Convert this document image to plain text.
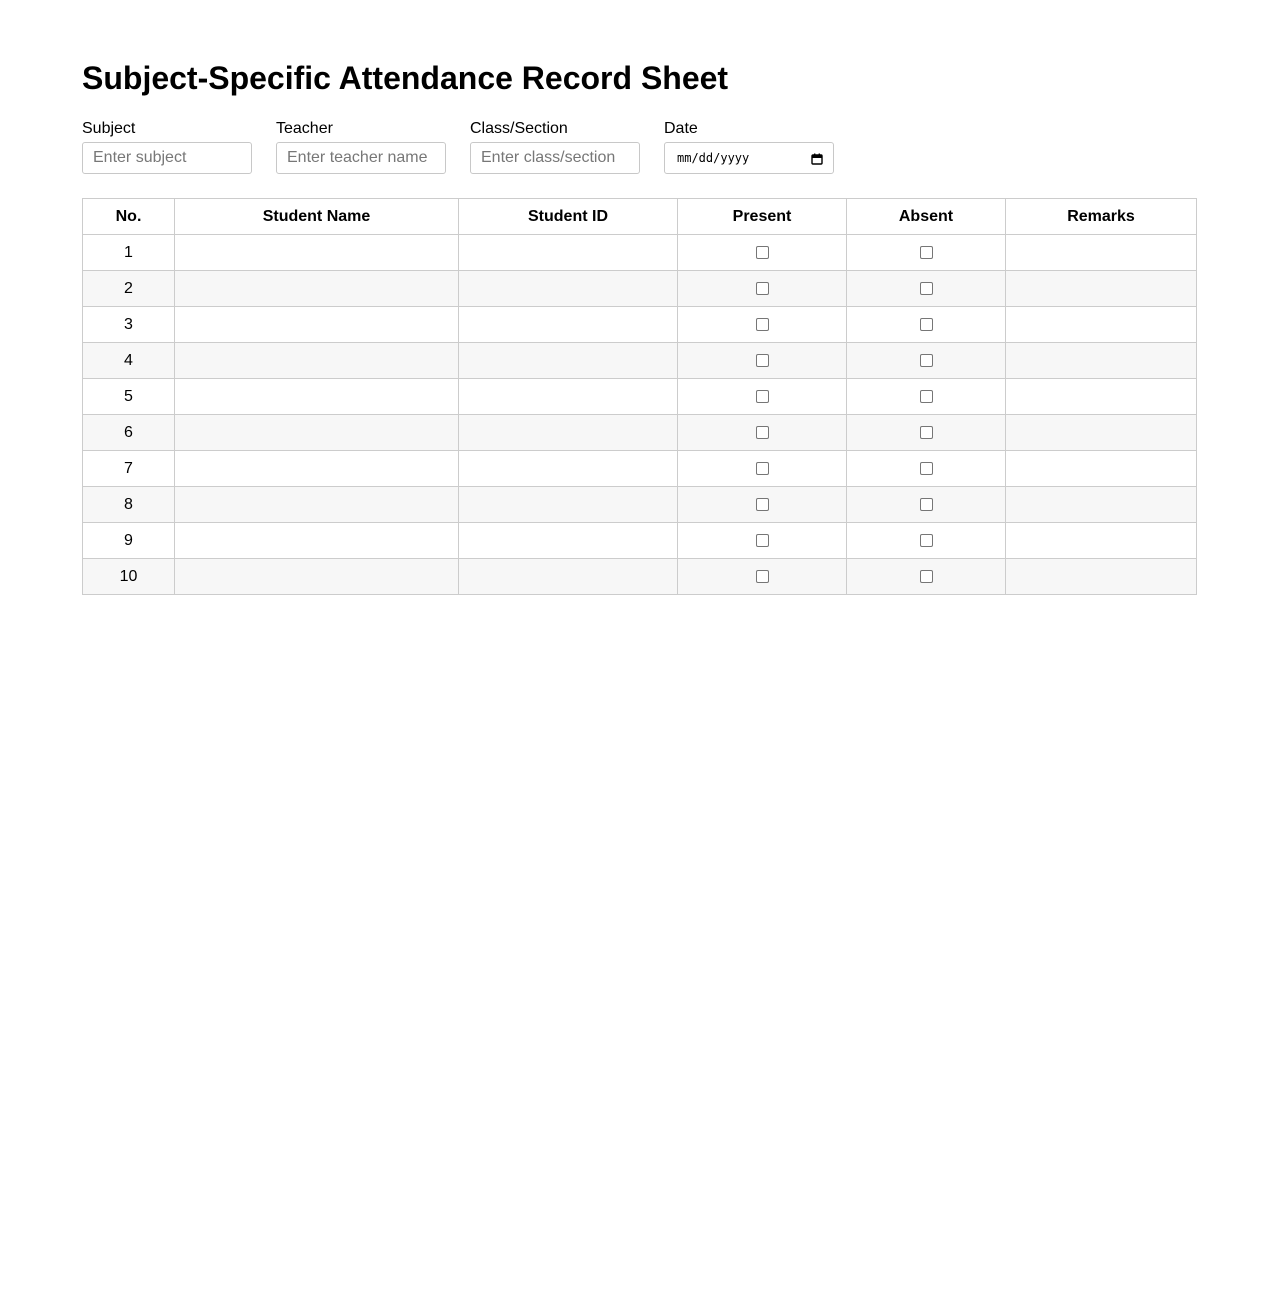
Subject-Specific Attendance Record Sheet
Subject
Enter subject	Teacher
Enter teacher name	Class/Section
Enter class/section	Date
mm/dd/yyyy
No.	Student Name	Student ID	Present	Absent	Remarks
1					
2					
3					
4					
5					
6					
7					
8					
9					
10					
